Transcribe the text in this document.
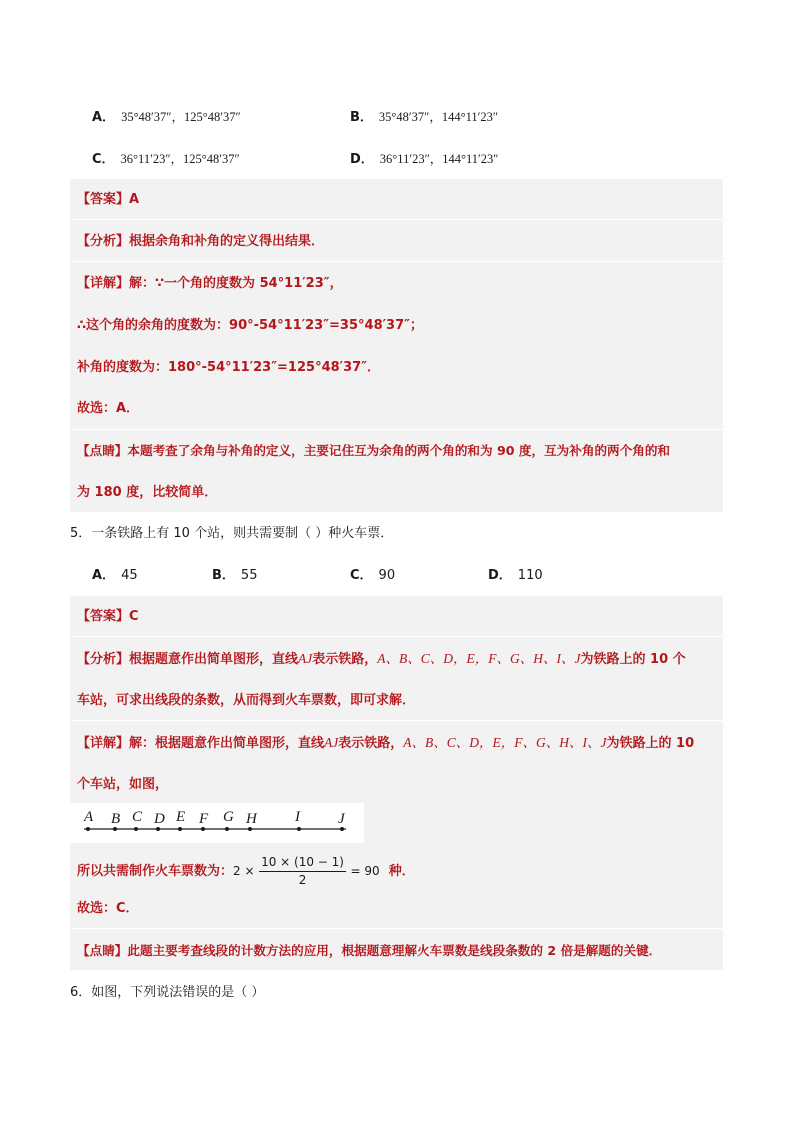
A． 35°48′37″，125°48′37″	B． 35°48′37″，144°11′23″
C． 36°11′23″，125°48′37″	D． 36°11′23″，144°11′23″
【答案】A
【分析】根据余角和补角的定义得出结果．
【详解】解：∵一个角的度数为 54°11′23″，
∴这个角的余角的度数为：90°-54°11′23″=35°48′37″；
补角的度数为：180°-54°11′23″=125°48′37″．
故选：A．
【点睛】本题考查了余角与补角的定义，主要记住互为余角的两个角的和为 90 度，互为补角的两个角的和
为 180 度，比较简单．
5．一条铁路上有 10 个站，则共需要制（ ）种火车票．
A． 45	B． 55	C． 90	D． 110
【答案】C
【分析】根据题意作出简单图形，直线AJ表示铁路，A、B、C、D，E，F、G、H、I、J为铁路上的 10 个
车站，可求出线段的条数，从而得到火车票数，即可求解．
【详解】解：根据题意作出简单图形，直线AJ表示铁路，A、B、C、D，E，F、G、H、I、J为铁路上的 10
个车站，如图，
A B C D E F G H	I	J
所以共需制作火车票数为：$2 \times \frac{10 \times (10 - 1)}{2} = 90$ 种．
故选：C．
【点睛】此题主要考查线段的计数方法的应用，根据题意理解火车票数是线段条数的 2 倍是解题的关键．
6．如图，下列说法错误的是（ ）
